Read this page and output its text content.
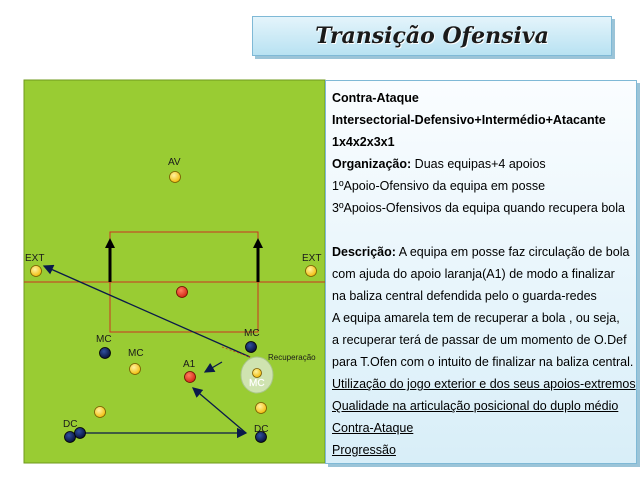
Transição Ofensiva
AV
EXT	EXT
MC
MC
MC
A1
Recuperação
MC
DC	DC
Contra-Ataque
Intersectorial-Defensivo+Intermédio+Atacante
1x4x2x3x1
Organização: Duas equipas+4 apoios
1ºApoio-Ofensivo da equipa em posse
3ºApoios-Ofensivos da equipa quando recupera bola
Descrição: A equipa em posse faz circulação de bola
com ajuda do apoio laranja(A1) de modo a finalizar
na baliza central defendida pelo o guarda-redes
A equipa amarela tem de recuperar a bola , ou seja,
a recuperar terá de passar de um momento de O.Def
para T.Ofen com o intuito de finalizar na baliza central.
Utilização do jogo exterior e dos seus apoios-extremos
Qualidade na articulação posicional do duplo médio
Contra-Ataque
Progressão
